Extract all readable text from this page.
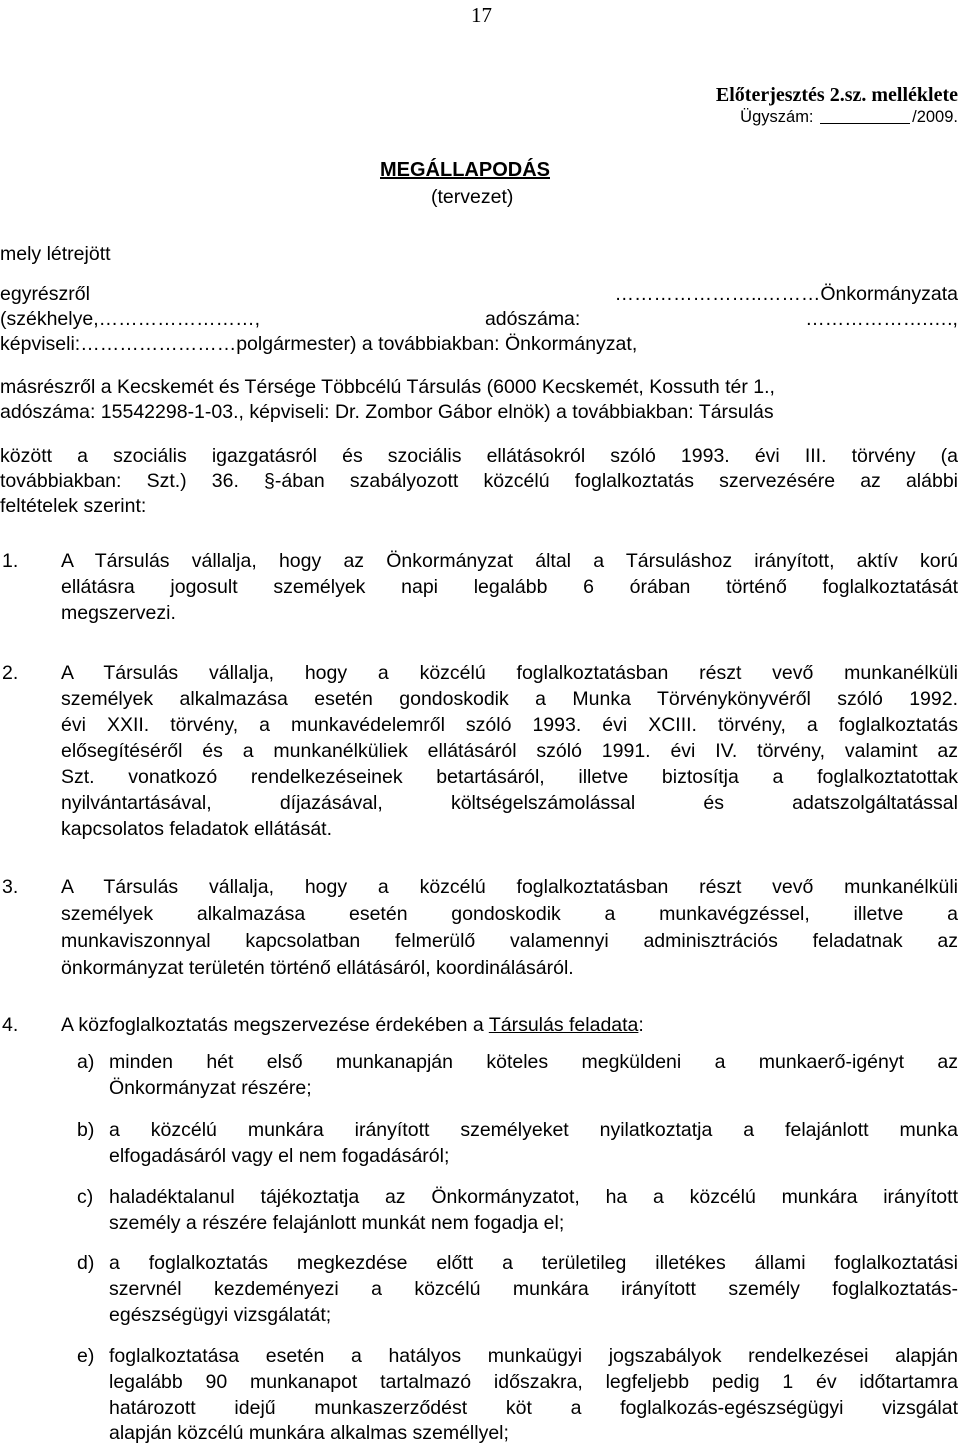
17
Előterjesztés 2.sz. melléklete
Ügyszám:	/2009.
MEGÁLLAPODÁS
(tervezet)
mely létrejött
egyrészről	…………………..………Önkormányzata
(székhelye,……………………,	adószáma:	……………….….,
képviseli:……………………polgármester) a továbbiakban: Önkormányzat,
másrészről a Kecskemét és Térsége Többcélú Társulás (6000 Kecskemét, Kossuth tér 1.,
adószáma: 15542298-1-03., képviseli: Dr. Zombor Gábor elnök) a továbbiakban: Társulás
között a szociális igazgatásról és szociális ellátásokról szóló 1993. évi III. törvény (a
továbbiakban: Szt.) 36. §-ában szabályozott közcélú foglalkoztatás szervezésére az alábbi
feltételek szerint:
1. A Társulás vállalja, hogy az Önkormányzat által a Társuláshoz irányított, aktív korú
ellátásra jogosult személyek napi legalább 6 órában történő foglalkoztatását
megszervezi.
2. A Társulás vállalja, hogy a közcélú foglalkoztatásban részt vevő munkanélküli
személyek alkalmazása esetén gondoskodik a Munka Törvénykönyvéről szóló 1992.
évi XXII. törvény, a munkavédelemről szóló 1993. évi XCIII. törvény, a foglalkoztatás
elősegítéséről és a munkanélküliek ellátásáról szóló 1991. évi IV. törvény, valamint az
Szt. vonatkozó rendelkezéseinek betartásáról, illetve biztosítja a foglalkoztatottak
nyilvántartásával, díjazásával, költségelszámolással és adatszolgáltatással
kapcsolatos feladatok ellátását.
3. A Társulás vállalja, hogy a közcélú foglalkoztatásban részt vevő munkanélküli
személyek alkalmazása esetén gondoskodik a munkavégzéssel, illetve a
munkaviszonnyal kapcsolatban felmerülő valamennyi adminisztrációs feladatnak az
önkormányzat területén történő ellátásáról, koordinálásáról.
4. A közfoglalkoztatás megszervezése érdekében a Társulás feladata:
a) minden hét első munkanapján köteles megküldeni a munkaerő-igényt az
Önkormányzat részére;
b) a közcélú munkára irányított személyeket nyilatkoztatja a felajánlott munka
elfogadásáról vagy el nem fogadásáról;
c) haladéktalanul tájékoztatja az Önkormányzatot, ha a közcélú munkára irányított
személy a részére felajánlott munkát nem fogadja el;
d) a foglalkoztatás megkezdése előtt a területileg illetékes állami foglalkoztatási
szervnél kezdeményezi a közcélú munkára irányított személy foglalkoztatás-
egészségügyi vizsgálatát;
e) foglalkoztatása esetén a hatályos munkaügyi jogszabályok rendelkezései alapján
legalább 90 munkanapot tartalmazó időszakra, legfeljebb pedig 1 év időtartamra
határozott idejű munkaszerződést köt a foglalkozás-egészségügyi vizsgálat
alapján közcélú munkára alkalmas személlyel;
